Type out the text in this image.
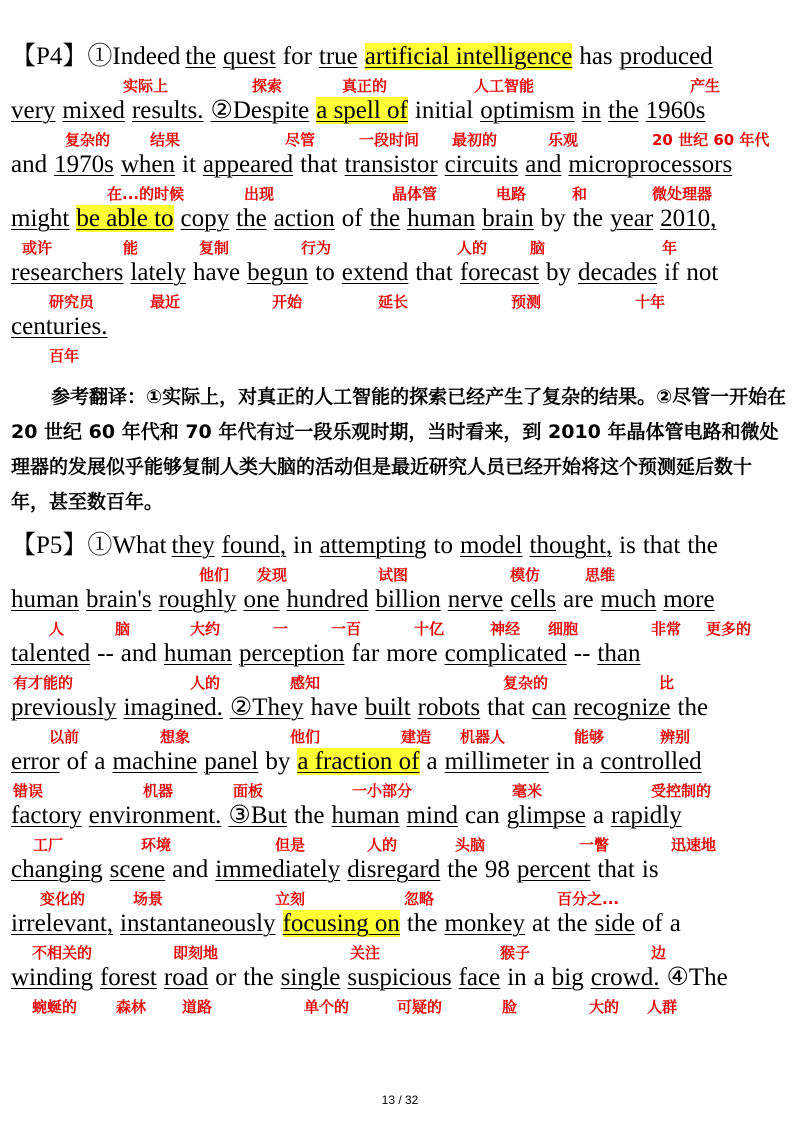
【P4】①Indeed the quest for true artificial intelligence has produced
实际上	探索	真正的	人工智能	产生
very mixed results. ②Despite a spell of initial optimism in the 1960s
复杂的	结果	尽管	一段时间 最初的	乐观	20 世纪 60 年代
and 1970s when it appeared that transistor circuits and microprocessors
在...的时候	出现	晶体管	电路	和	微处理器
might be able to copy the action of the human brain by the year 2010,
或许	能	复制	行为	人的	脑	年
researchers lately have begun to extend that forecast by decades if not
研究员	最近	开始	延长	预测	十年
centuries.
百年
参考翻译：①实际上，对真正的人工智能的探索已经产生了复杂的结果。②尽管一开始在 20 世纪 60 年代和 70 年代有过一段乐观时期，当时看来，到 2010 年晶体管电路和微处理器的发展似乎能够复制人类大脑的活动但是最近研究人员已经开始将这个预测延后数十年，甚至数百年。
【P5】①What they found, in attempting to model thought, is that the
他们 发现	试图	模仿	思维
human brain's roughly one hundred billion nerve cells are much more
人	脑	大约	一	一百	十亿	神经 细胞	非常 更多的
talented -- and human perception far more complicated -- than
有才能的	人的	感知	复杂的	比
previously imagined. ②They have built robots that can recognize the
以前	想象	他们	建造 机器人	能够	辨别
error of a machine panel by a fraction of a millimeter in a controlled
错误	机器	面板	一小部分	毫米	受控制的
factory environment. ③But the human mind can glimpse a rapidly
工厂	环境	但是	人的	头脑	一瞥	迅速地
changing scene and immediately disregard the 98 percent that is
变化的	场景	立刻	忽略	百分之...
irrelevant, instantaneously focusing on the monkey at the side of a
不相关的	即刻地	关注	猴子	边
winding forest road or the single suspicious face in a big crowd. ④The
蜿蜒的	森林 道路	单个的	可疑的	脸	大的 人群
13 / 32
